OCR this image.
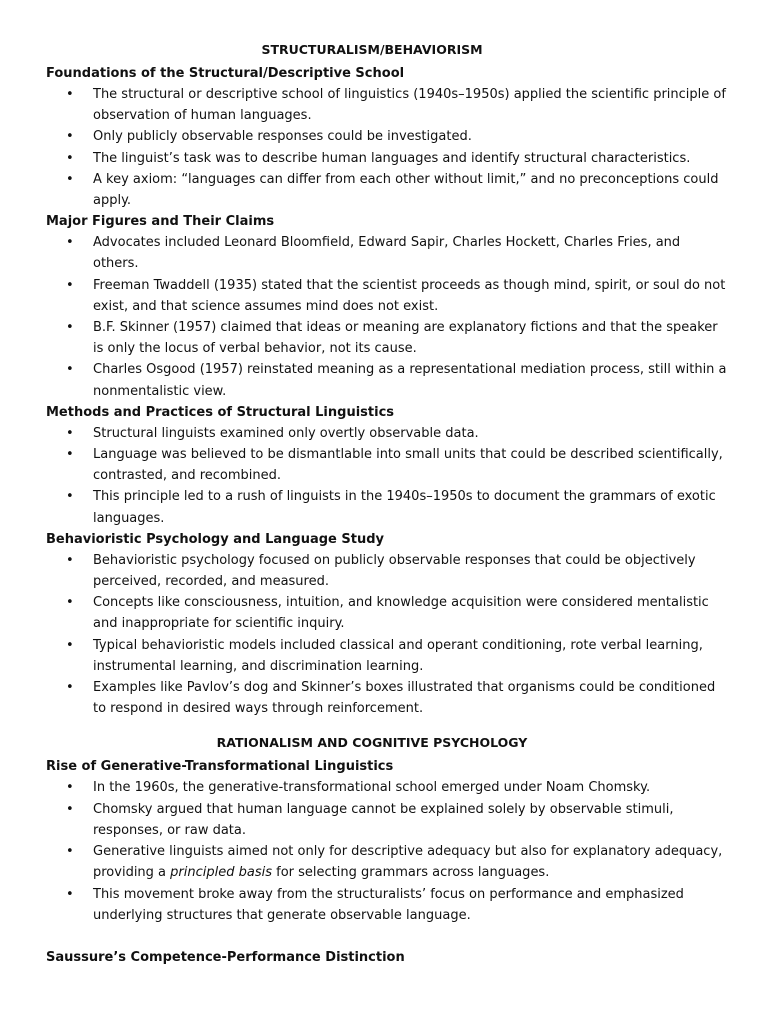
STRUCTURALISM/BEHAVIORISM
Foundations of the Structural/Descriptive School
• The structural or descriptive school of linguistics (1940s–1950s) applied the scientific principle of observation of human languages.
• Only publicly observable responses could be investigated.
• The linguist’s task was to describe human languages and identify structural characteristics.
• A key axiom: “languages can differ from each other without limit,” and no preconceptions could apply.
Major Figures and Their Claims
• Advocates included Leonard Bloomfield, Edward Sapir, Charles Hockett, Charles Fries, and others.
• Freeman Twaddell (1935) stated that the scientist proceeds as though mind, spirit, or soul do not exist, and that science assumes mind does not exist.
• B.F. Skinner (1957) claimed that ideas or meaning are explanatory fictions and that the speaker is only the locus of verbal behavior, not its cause.
• Charles Osgood (1957) reinstated meaning as a representational mediation process, still within a nonmentalistic view.
Methods and Practices of Structural Linguistics
• Structural linguists examined only overtly observable data.
• Language was believed to be dismantlable into small units that could be described scientifically, contrasted, and recombined.
• This principle led to a rush of linguists in the 1940s–1950s to document the grammars of exotic languages.
Behavioristic Psychology and Language Study
• Behavioristic psychology focused on publicly observable responses that could be objectively perceived, recorded, and measured.
• Concepts like consciousness, intuition, and knowledge acquisition were considered mentalistic and inappropriate for scientific inquiry.
• Typical behavioristic models included classical and operant conditioning, rote verbal learning, instrumental learning, and discrimination learning.
• Examples like Pavlov’s dog and Skinner’s boxes illustrated that organisms could be conditioned to respond in desired ways through reinforcement.
RATIONALISM AND COGNITIVE PSYCHOLOGY
Rise of Generative-Transformational Linguistics
• In the 1960s, the generative-transformational school emerged under Noam Chomsky.
• Chomsky argued that human language cannot be explained solely by observable stimuli, responses, or raw data.
• Generative linguists aimed not only for descriptive adequacy but also for explanatory adequacy, providing a principled basis for selecting grammars across languages.
• This movement broke away from the structuralists’ focus on performance and emphasized underlying structures that generate observable language.
Saussure’s Competence-Performance Distinction
